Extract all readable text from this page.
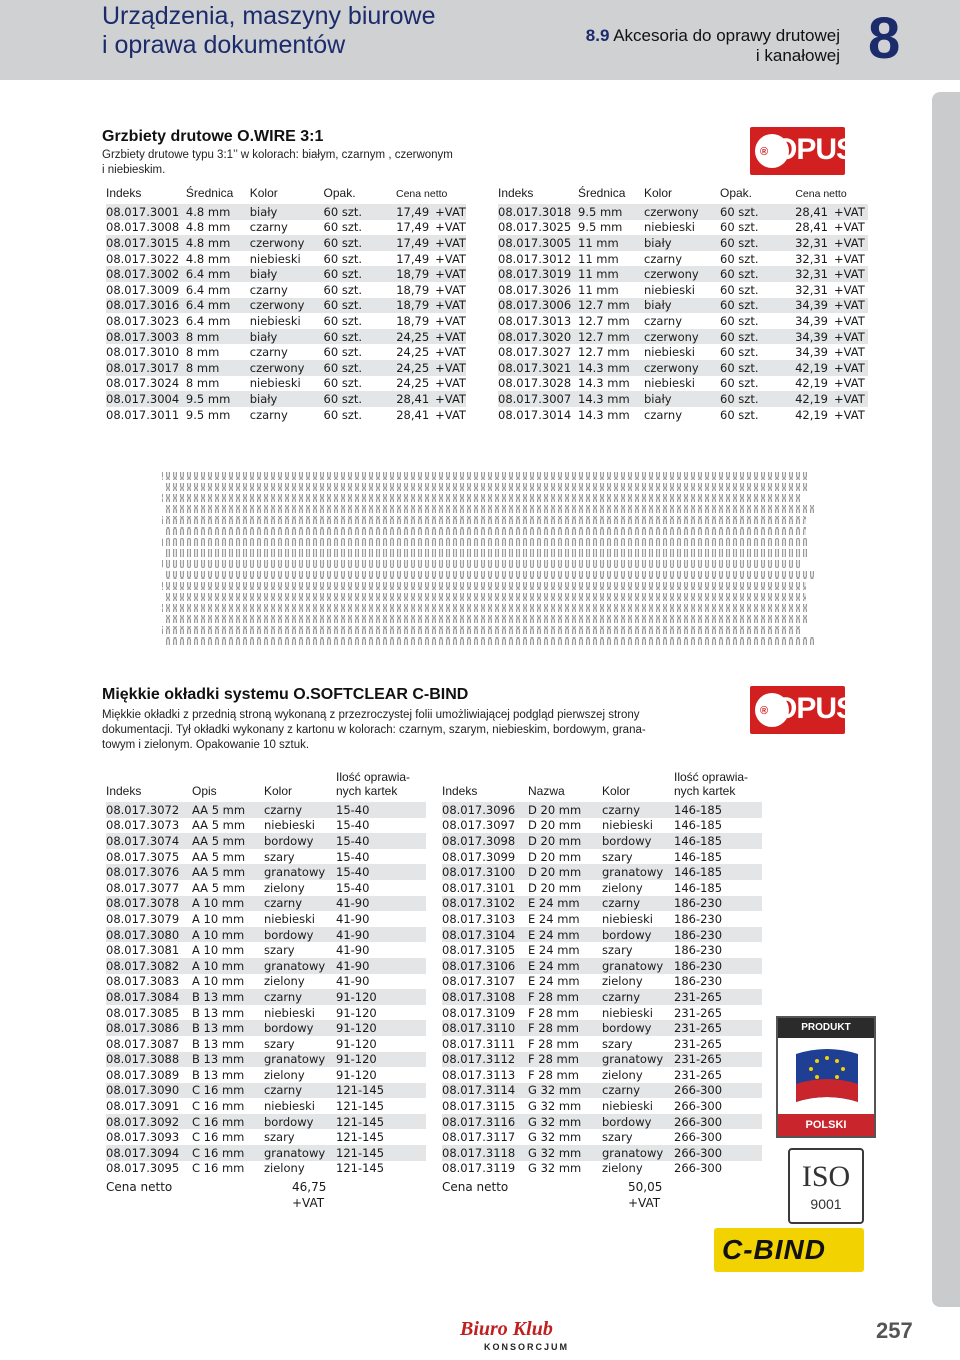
Urządzenia, maszyny biurowe
i oprawa dokumentów	8.9 Akcesoria do oprawy drutowej
i kanałowej 8
Grzbiety drutowe O.WIRE 3:1
Grzbiety drutowe typu 3:1’’ w kolorach: białym, czarnym , czerwonym
i niebieskim.
® OPUS
Indeks	Średnica	Kolor	Opak.	Cena netto	
08.017.3001	4.8 mm	biały	60 szt.	17,49	+VAT
08.017.3008	4.8 mm	czarny	60 szt.	17,49	+VAT
08.017.3015	4.8 mm	czerwony	60 szt.	17,49	+VAT
08.017.3022	4.8 mm	niebieski	60 szt.	17,49	+VAT
08.017.3002	6.4 mm	biały	60 szt.	18,79	+VAT
08.017.3009	6.4 mm	czarny	60 szt.	18,79	+VAT
08.017.3016	6.4 mm	czerwony	60 szt.	18,79	+VAT
08.017.3023	6.4 mm	niebieski	60 szt.	18,79	+VAT
08.017.3003	8 mm	biały	60 szt.	24,25	+VAT
08.017.3010	8 mm	czarny	60 szt.	24,25	+VAT
08.017.3017	8 mm	czerwony	60 szt.	24,25	+VAT
08.017.3024	8 mm	niebieski	60 szt.	24,25	+VAT
08.017.3004	9.5 mm	biały	60 szt.	28,41	+VAT
08.017.3011	9.5 mm	czarny	60 szt.	28,41	+VAT
Indeks	Średnica	Kolor	Opak.	Cena netto	
08.017.3018	9.5 mm	czerwony	60 szt.	28,41	+VAT
08.017.3025	9.5 mm	niebieski	60 szt.	28,41	+VAT
08.017.3005	11 mm	biały	60 szt.	32,31	+VAT
08.017.3012	11 mm	czarny	60 szt.	32,31	+VAT
08.017.3019	11 mm	czerwony	60 szt.	32,31	+VAT
08.017.3026	11 mm	niebieski	60 szt.	32,31	+VAT
08.017.3006	12.7 mm	biały	60 szt.	34,39	+VAT
08.017.3013	12.7 mm	czarny	60 szt.	34,39	+VAT
08.017.3020	12.7 mm	czerwony	60 szt.	34,39	+VAT
08.017.3027	12.7 mm	niebieski	60 szt.	34,39	+VAT
08.017.3021	14.3 mm	czerwony	60 szt.	42,19	+VAT
08.017.3028	14.3 mm	niebieski	60 szt.	42,19	+VAT
08.017.3007	14.3 mm	biały	60 szt.	42,19	+VAT
08.017.3014	14.3 mm	czarny	60 szt.	42,19	+VAT
Miękkie okładki systemu O.SOFTCLEAR C-BIND
Miękkie okładki z przednią stroną wykonaną z przezroczystej folii umożliwiającej podgląd pierwszej strony
dokumentacji. Tył okładki wykonany z kartonu w kolorach: czarnym, szarym, niebieskim, bordowym, grana-
towym i zielonym. Opakowanie 10 sztuk.
® OPUS
Indeks	Opis	Kolor	Ilość oprawia-
nych kartek

08.017.3072	AA 5 mm	czarny	15-40
08.017.3073	AA 5 mm	niebieski	15-40
08.017.3074	AA 5 mm	bordowy	15-40
08.017.3075	AA 5 mm	szary	15-40
08.017.3076	AA 5 mm	granatowy	15-40
08.017.3077	AA 5 mm	zielony	15-40
08.017.3078	A 10 mm	czarny	41-90
08.017.3079	A 10 mm	niebieski	41-90
08.017.3080	A 10 mm	bordowy	41-90
08.017.3081	A 10 mm	szary	41-90
08.017.3082	A 10 mm	granatowy	41-90
08.017.3083	A 10 mm	zielony	41-90
08.017.3084	B 13 mm	czarny	91-120
08.017.3085	B 13 mm	niebieski	91-120
08.017.3086	B 13 mm	bordowy	91-120
08.017.3087	B 13 mm	szary	91-120
08.017.3088	B 13 mm	granatowy	91-120
08.017.3089	B 13 mm	zielony	91-120
08.017.3090	C 16 mm	czarny	121-145
08.017.3091	C 16 mm	niebieski	121-145
08.017.3092	C 16 mm	bordowy	121-145
08.017.3093	C 16 mm	szary	121-145
08.017.3094	C 16 mm	granatowy	121-145
08.017.3095	C 16 mm	zielony	121-145
Indeks	Nazwa	Kolor	Ilość oprawia-
nych kartek

08.017.3096	D 20 mm	czarny	146-185
08.017.3097	D 20 mm	niebieski	146-185
08.017.3098	D 20 mm	bordowy	146-185
08.017.3099	D 20 mm	szary	146-185
08.017.3100	D 20 mm	granatowy	146-185
08.017.3101	D 20 mm	zielony	146-185
08.017.3102	E 24 mm	czarny	186-230
08.017.3103	E 24 mm	niebieski	186-230
08.017.3104	E 24 mm	bordowy	186-230
08.017.3105	E 24 mm	szary	186-230
08.017.3106	E 24 mm	granatowy	186-230
08.017.3107	E 24 mm	zielony	186-230
08.017.3108	F 28 mm	czarny	231-265
08.017.3109	F 28 mm	niebieski	231-265
08.017.3110	F 28 mm	bordowy	231-265
08.017.3111	F 28 mm	szary	231-265
08.017.3112	F 28 mm	granatowy	231-265
08.017.3113	F 28 mm	zielony	231-265
08.017.3114	G 32 mm	czarny	266-300
08.017.3115	G 32 mm	niebieski	266-300
08.017.3116	G 32 mm	bordowy	266-300
08.017.3117	G 32 mm	szary	266-300
08.017.3118	G 32 mm	granatowy	266-300
08.017.3119	G 32 mm	zielony	266-300
Cena netto	46,75
+VAT
Cena netto	50,05
+VAT
PRODUKT
POLSKI
ISO
9001
C-BIND
Biuro Klub
KONSORCJUM
257
